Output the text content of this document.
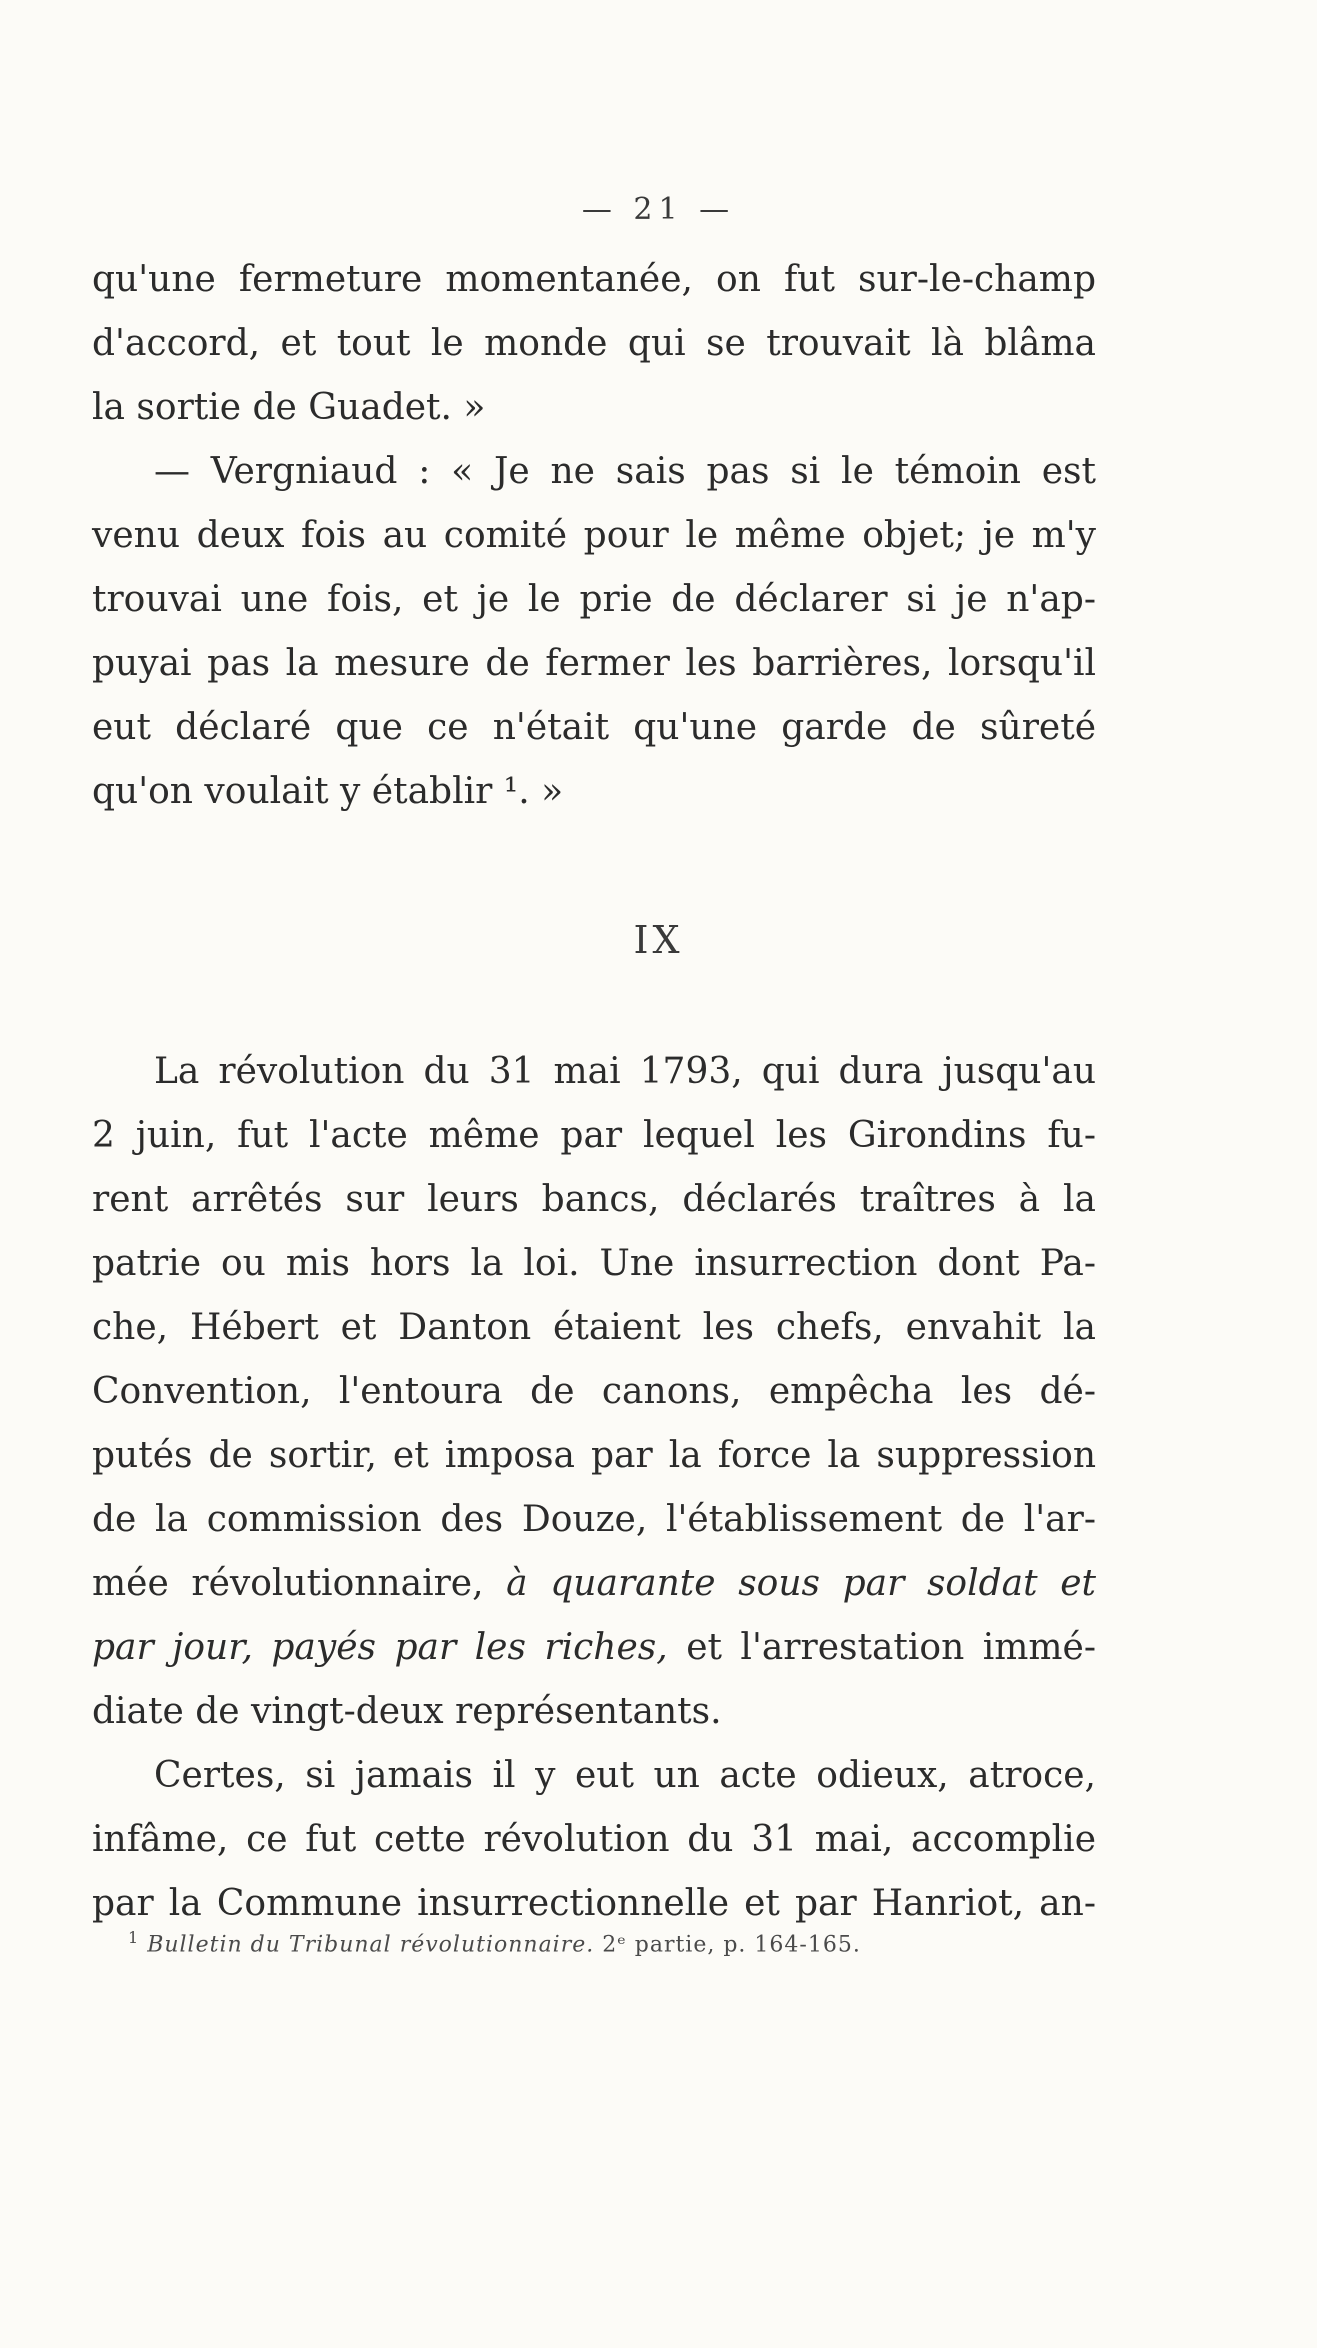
— 21 —
qu'une fermeture momentanée, on fut sur-le-champ
d'accord, et tout le monde qui se trouvait là blâma
la sortie de Guadet. »
— Vergniaud : « Je ne sais pas si le témoin est
venu deux fois au comité pour le même objet; je m'y
trouvai une fois, et je le prie de déclarer si je n'ap-
puyai pas la mesure de fermer les barrières, lorsqu'il
eut déclaré que ce n'était qu'une garde de sûreté
qu'on voulait y établir ¹. »
IX
La révolution du 31 mai 1793, qui dura jusqu'au
2 juin, fut l'acte même par lequel les Girondins fu-
rent arrêtés sur leurs bancs, déclarés traîtres à la
patrie ou mis hors la loi. Une insurrection dont Pa-
che, Hébert et Danton étaient les chefs, envahit la
Convention, l'entoura de canons, empêcha les dé-
putés de sortir, et imposa par la force la suppression
de la commission des Douze, l'établissement de l'ar-
mée révolutionnaire, à quarante sous par soldat et
par jour, payés par les riches, et l'arrestation immé-
diate de vingt-deux représentants.
Certes, si jamais il y eut un acte odieux, atroce,
infâme, ce fut cette révolution du 31 mai, accomplie
par la Commune insurrectionnelle et par Hanriot, an-
$^1$ Bulletin du Tribunal révolutionnaire. 2ᵉ partie, p. 164-165.
